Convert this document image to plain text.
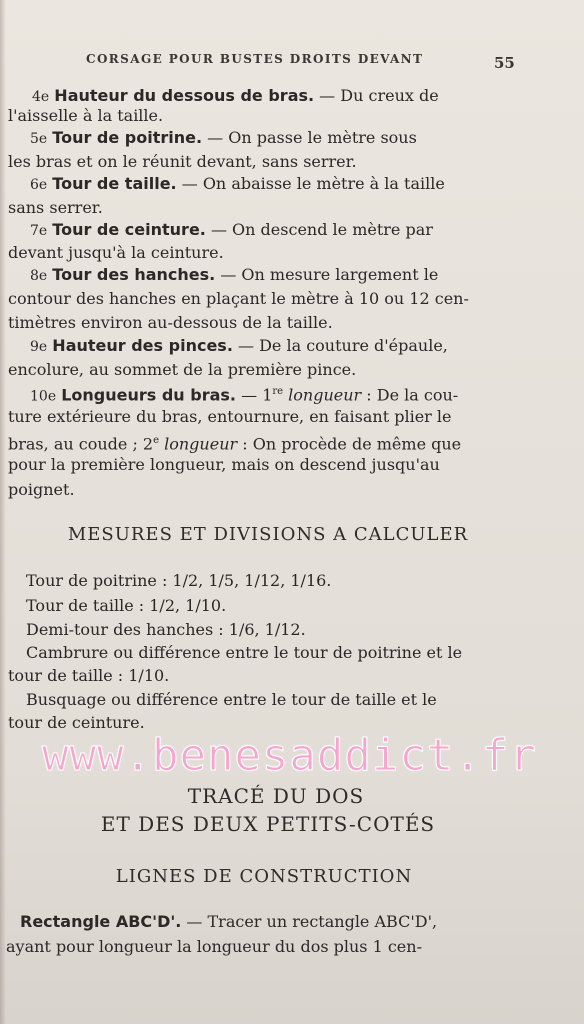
CORSAGE POUR BUSTES DROITS DEVANT	55
4e Hauteur du dessous de bras. — Du creux de
l'aisselle à la taille.
5e Tour de poitrine. — On passe le mètre sous
les bras et on le réunit devant, sans serrer.
6e Tour de taille. — On abaisse le mètre à la taille
sans serrer.
7e Tour de ceinture. — On descend le mètre par
devant jusqu'à la ceinture.
8e Tour des hanches. — On mesure largement le
contour des hanches en plaçant le mètre à 10 ou 12 cen-
timètres environ au-dessous de la taille.
9e Hauteur des pinces. — De la couture d'épaule,
encolure, au sommet de la première pince.
10e Longueurs du bras. — 1re longueur : De la cou-
ture extérieure du bras, entournure, en faisant plier le
bras, au coude ; 2e longueur : On procède de même que
pour la première longueur, mais on descend jusqu'au
poignet.
MESURES ET DIVISIONS A CALCULER
Tour de poitrine : 1/2, 1/5, 1/12, 1/16.
Tour de taille : 1/2, 1/10.
Demi-tour des hanches : 1/6, 1/12.
Cambrure ou différence entre le tour de poitrine et le
tour de taille : 1/10.
Busquage ou différence entre le tour de taille et le
tour de ceinture.
www.benesaddict.fr
TRACÉ DU DOS
ET DES DEUX PETITS-COTÉS
LIGNES DE CONSTRUCTION
Rectangle ABC'D'. — Tracer un rectangle ABC'D',
ayant pour longueur la longueur du dos plus 1 cen-
